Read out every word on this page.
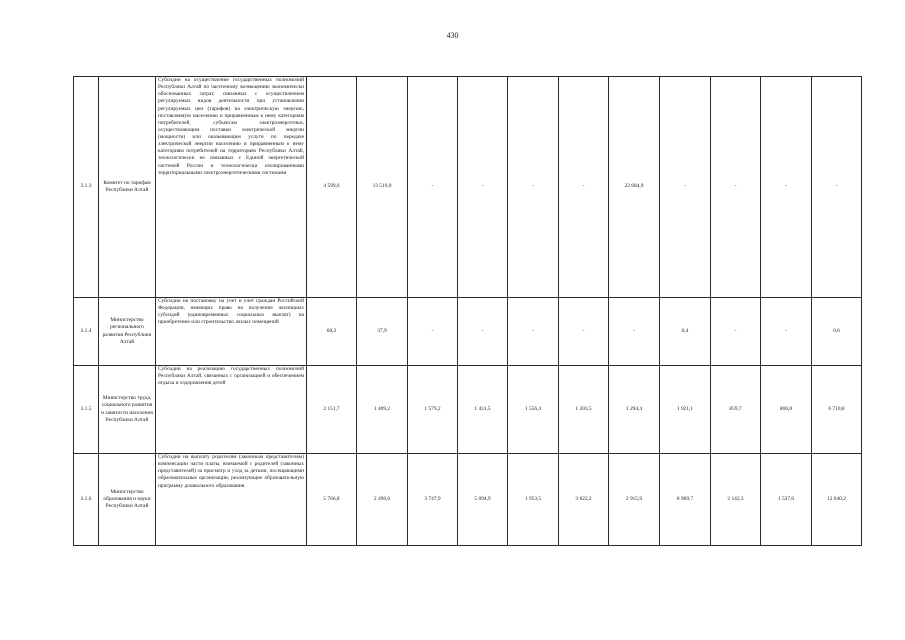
430
3.1.3	Комитет по тарифам Республики Алтай	Субсидии на осуществление государственных полномочий Республики Алтай по частичному возмещению экономически обоснованных затрат, связанных с осуществлением регулируемых видов деятельности при установлении регулируемых цен (тарифов) на электрическую энергию, поставляемую населению и приравненным к нему категориям потребителей, субъектам электроэнергетики, осуществляющим поставки электрической энергии (мощности) или оказывающим услуги по передаче электрической энергии населению и приравненным к нему категориям потребителей на территориях Республики Алтай, технологически не связанных с Единой энергетической системой России и технологически изолированными территориальными электроэнергетическими системами	4 599,6	13 510,0	-	-	-	-	22 684,9	-	-	-	-
3.1.4	Министерство регионального развития Республики Алтай	Субсидии на постановку на учет и учет граждан Российской Федерации, имеющих право на получение жилищных субсидий (единовременных социальных выплат) на приобретение или строительство жилых помещений	60,3	37,9	-	-	-	-	-	0,4	-	-	0,6
3.1.5	Министерство труда, социального развития и занятости населения Республики Алтай	Субсидии на реализацию государственных полномочий Республики Алтай, связанных с организацией и обеспечением отдыха и оздоровления детей	2 151,7	1 409,2	1 579,2	1 431,5	1 556,4	1 203,5	1 294,4	1 921,1	859,7	806,8	6 710,8
3.1.6	Министерство образования и науки Республики Алтай	Субсидии на выплату родителям (законным представителям) компенсации части платы, взимаемой с родителей (законных представителей) за присмотр и уход за детьми, посещающими образовательные организации, реализующие образовательную программу дошкольного образования	5 766,8	2 496,6	3 747,9	5 094,9	1 953,5	3 822,2	2 915,9	8 969,7	2 142,3	1 537,0	12 640,2
